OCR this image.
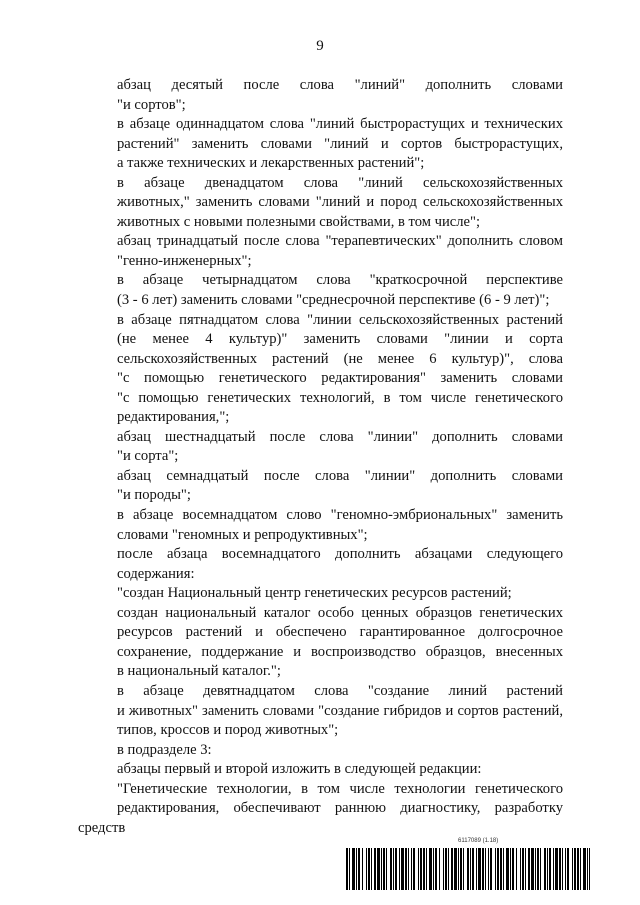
9

абзац десятый после слова "линий" дополнить словами
"и сортов";

в абзаце одиннадцатом слова "линий быстрорастущих и технических
растений" заменить словами "линий и сортов быстрорастущих,
а также технических и лекарственных растений";

в абзаце двенадцатом слова "линий сельскохозяйственных
животных," заменить словами "линий и пород сельскохозяйственных
животных с новыми полезными свойствами, в том числе";

абзац тринадцатый после слова "терапевтических" дополнить словом
"генно-инженерных";

в абзаце четырнадцатом слова "краткосрочной перспективе
(3 - 6 лет) заменить словами "среднесрочной перспективе (6 - 9 лет)";

в абзаце пятнадцатом слова "линии сельскохозяйственных растений
(не менее 4 культур)" заменить словами "линии и сорта
сельскохозяйственных растений (не менее 6 культур)", слова
"с помощью генетического редактирования" заменить словами
"с помощью генетических технологий, в том числе генетического
редактирования,";

абзац шестнадцатый после слова "линии" дополнить словами
"и сорта";

абзац семнадцатый после слова "линии" дополнить словами
"и породы";

в абзаце восемнадцатом слово "геномно-эмбриональных" заменить
словами "геномных и репродуктивных";

после абзаца восемнадцатого дополнить абзацами следующего
содержания:

"создан Национальный центр генетических ресурсов растений;

создан национальный каталог особо ценных образцов генетических
ресурсов растений и обеспечено гарантированное долгосрочное
сохранение, поддержание и воспроизводство образцов, внесенных
в национальный каталог.";

в абзаце девятнадцатом слова "создание линий растений
и животных" заменить словами "создание гибридов и сортов растений,
типов, кроссов и пород животных";

в подразделе 3:

абзацы первый и второй изложить в следующей редакции:

"Генетические технологии, в том числе технологии генетического
редактирования, обеспечивают раннюю диагностику, разработку средств

6117089 (1.18)
